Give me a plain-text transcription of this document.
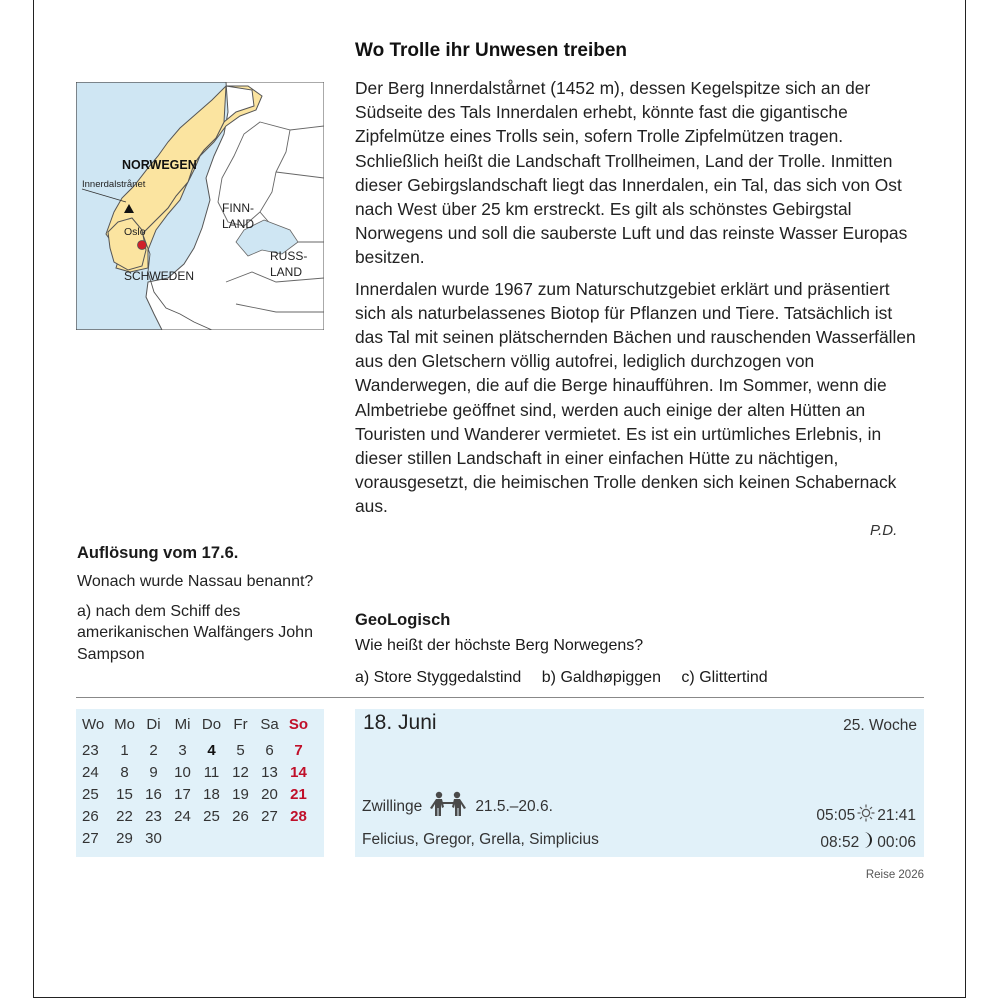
NORWEGEN
Innerdalstrånet
Oslo
FINN-
LAND
RUSS-
LAND
SCHWEDEN
Wo Trolle ihr Unwesen treiben

Der Berg Innerdalstårnet (1452 m), dessen Kegelspitze sich an der Südseite des Tals Innerdalen erhebt, könnte fast die gigantische Zipfelmütze eines Trolls sein, sofern Trolle Zipfelmützen tragen. Schließlich heißt die Landschaft Trollheimen, Land der Trolle. Inmitten dieser Gebirgslandschaft liegt das Innerdalen, ein Tal, das sich von Ost nach West über 25 km erstreckt. Es gilt als schönstes Gebirgstal Norwegens und soll die sauberste Luft und das reinste Wasser Europas besitzen.

Innerdalen wurde 1967 zum Naturschutzgebiet erklärt und präsentiert sich als naturbelassenes Biotop für Pflanzen und Tiere. Tatsächlich ist das Tal mit seinen plätschernden Bächen und rauschenden Wasserfällen aus den Gletschern völlig autofrei, lediglich durchzogen von Wanderwegen, die auf die Berge hinaufführen. Im Sommer, wenn die Almbetriebe geöffnet sind, werden auch einige der alten Hütten an Touristen und Wanderer vermietet. Es ist ein urtümliches Erlebnis, in dieser stillen Landschaft in einer einfachen Hütte zu nächtigen, vorausgesetzt, die heimischen Trolle denken sich keinen Schabernack aus.

P.D.
Auflösung vom 17.6.

Wonach wurde Nassau benannt?

a) nach dem Schiff des amerikanischen Walfängers John Sampson

GeoLogisch
Wie heißt der höchste Berg Norwegens?
a) Store Styggedalstind b) Galdhøpiggen c) Glittertind
Wo	Mo	Di	Mi	Do	Fr	Sa	So
23	1	2	3	4	5	6	7
24	8	9	10	11	12	13	14
25	15	16	17	18	19	20	21
26	22	23	24	25	26	27	28
27	29	30					
18. Juni	25. Woche
Zwillinge	21.5.–20.6.
Felicius, Gregor, Grella, Simplicius
05:05 21:41
08:52 00:06
Reise 2026
